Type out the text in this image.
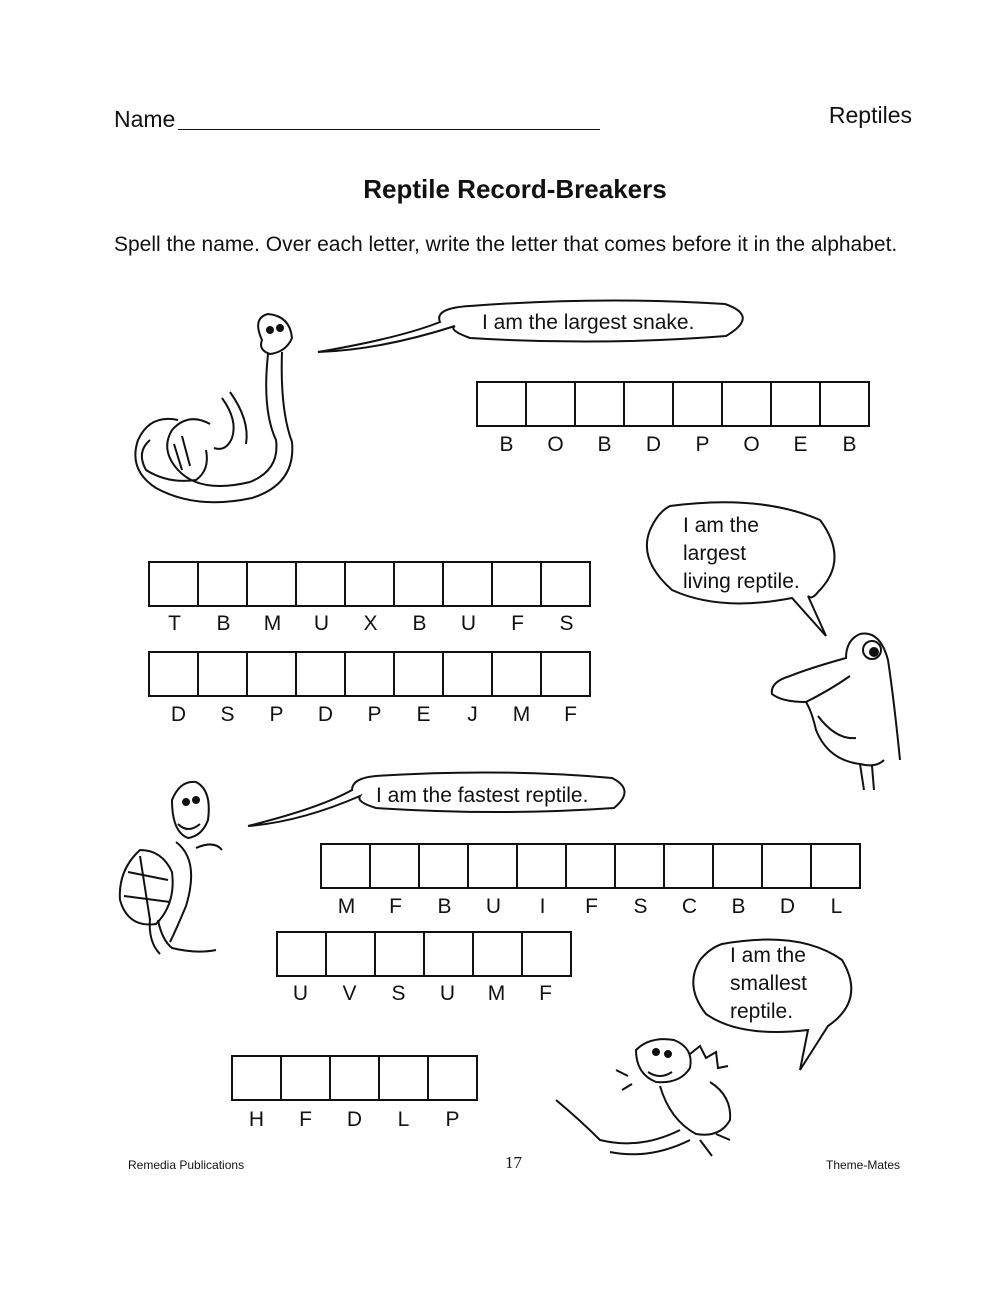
Name	Reptiles
Reptile Record-Breakers
Spell the name. Over each letter, write the letter that comes before it in the alphabet.
I am the largest snake.
I am the
largest
living reptile.
I am the fastest reptile.
I am the
smallest
reptile.
B	O	B	D	P	O	E	B
T	B	M	U	X	B	U	F	S
D	S	P	D	P	E	J	M	F
M	F	B	U	I	F	S	C	B	D	L
U	V	S	U	M	F
H	F	D	L	P
Remedia Publications	17	Theme-Mates
